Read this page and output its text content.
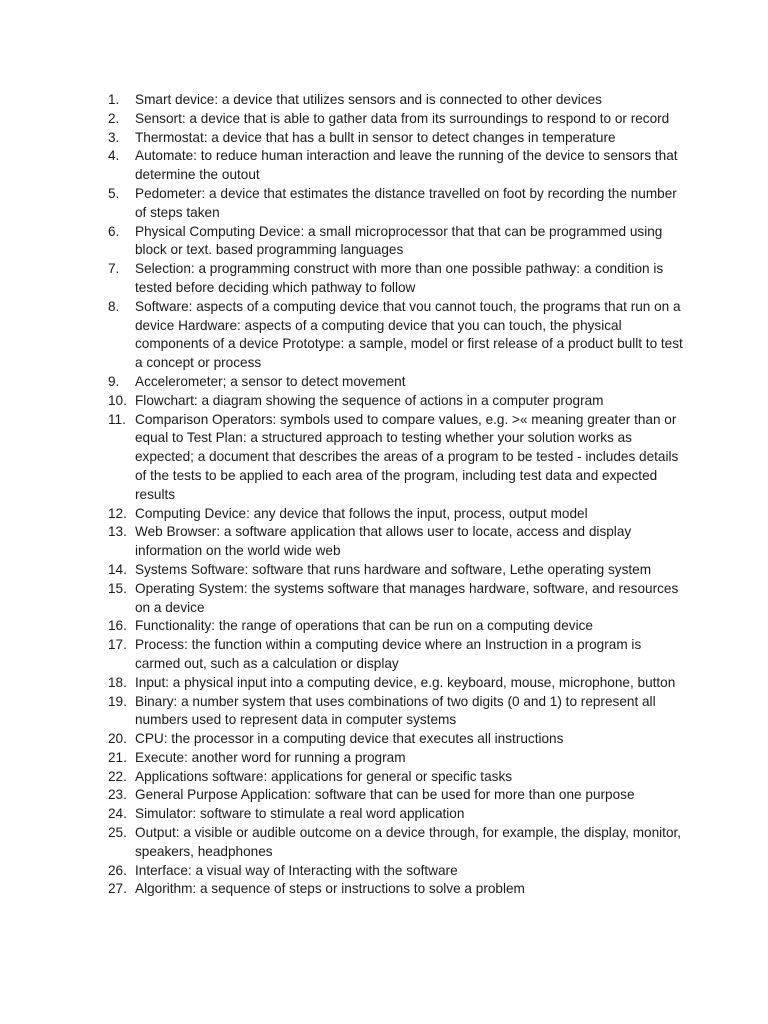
1.	Smart device: a device that utilizes sensors and is connected to other devices
2.	Sensort: a device that is able to gather data from its surroundings to respond to or record
3.	Thermostat: a device that has a bullt in sensor to detect changes in temperature
4.	Automate: to reduce human interaction and leave the running of the device to sensors that determine the outout
5.	Pedometer: a device that estimates the distance travelled on foot by recording the number of steps taken
6.	Physical Computing Device: a small microprocessor that that can be programmed using block or text. based programming languages
7.	Selection: a programming construct with more than one possible pathway: a condition is tested before deciding which pathway to follow
8.	Software: aspects of a computing device that vou cannot touch, the programs that run on a device Hardware: aspects of a computing device that you can touch, the physical components of a device Prototype: a sample, model or first release of a product bullt to test a concept or process
9.	Accelerometer; a sensor to detect movement
10. Flowchart: a diagram showing the sequence of actions in a computer program
11. Comparison Operators: symbols used to compare values, e.g. >« meaning greater than or equal to Test Plan: a structured approach to testing whether your solution works as expected; a document that describes the areas of a program to be tested - includes details of the tests to be applied to each area of the program, including test data and expected results
12. Computing Device: any device that follows the input, process, output model
13. Web Browser: a software application that allows user to locate, access and display information on the world wide web
14. Systems Software: software that runs hardware and software, Lethe operating system
15. Operating System: the systems software that manages hardware, software, and resources on a device
16. Functionality: the range of operations that can be run on a computing device
17. Process: the function within a computing device where an Instruction in a program is carmed out, such as a calculation or display
18. Input: a physical input into a computing device, e.g. keyboard, mouse, microphone, button
19. Binary: a number system that uses combinations of two digits (0 and 1) to represent all numbers used to represent data in computer systems
20. CPU: the processor in a computing device that executes all instructions
21. Execute: another word for running a program
22. Applications software: applications for general or specific tasks
23. General Purpose Application: software that can be used for more than one purpose
24. Simulator: software to stimulate a real word application
25. Output: a visible or audible outcome on a device through, for example, the display, monitor, speakers, headphones
26. Interface: a visual way of Interacting with the software
27. Algorithm: a sequence of steps or instructions to solve a problem
